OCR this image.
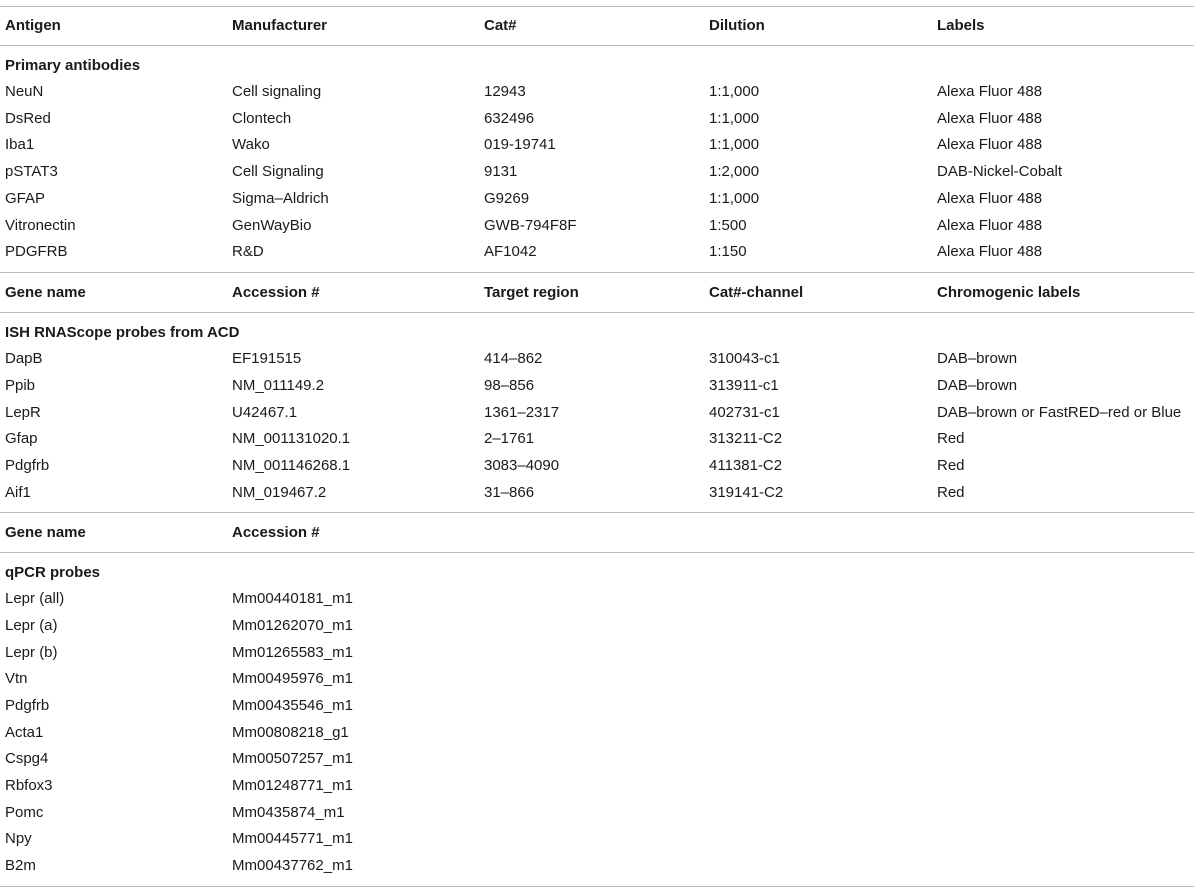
Antigen	Manufacturer	Cat#	Dilution	Labels
Primary antibodies
NeuN	Cell signaling	12943	1:1,000	Alexa Fluor 488
DsRed	Clontech	632496	1:1,000	Alexa Fluor 488
Iba1	Wako	019-19741	1:1,000	Alexa Fluor 488
pSTAT3	Cell Signaling	9131	1:2,000	DAB-Nickel-Cobalt
GFAP	Sigma–Aldrich	G9269	1:1,000	Alexa Fluor 488
Vitronectin	GenWayBio	GWB-794F8F	1:500	Alexa Fluor 488
PDGFRB	R&D	AF1042	1:150	Alexa Fluor 488
Gene name	Accession #	Target region	Cat#-channel	Chromogenic labels
ISH RNAScope probes from ACD
DapB	EF191515	414–862	310043-c1	DAB–brown
Ppib	NM_011149.2	98–856	313911-c1	DAB–brown
LepR	U42467.1	1361–2317	402731-c1	DAB–brown or FastRED–red or Blue
Gfap	NM_001131020.1	2–1761	313211-C2	Red
Pdgfrb	NM_001146268.1	3083–4090	411381-C2	Red
Aif1	NM_019467.2	31–866	319141-C2	Red
Gene name	Accession #
qPCR probes
Lepr (all)	Mm00440181_m1
Lepr (a)	Mm01262070_m1
Lepr (b)	Mm01265583_m1
Vtn	Mm00495976_m1
Pdgfrb	Mm00435546_m1
Acta1	Mm00808218_g1
Cspg4	Mm00507257_m1
Rbfox3	Mm01248771_m1
Pomc	Mm0435874_m1
Npy	Mm00445771_m1
B2m	Mm00437762_m1
